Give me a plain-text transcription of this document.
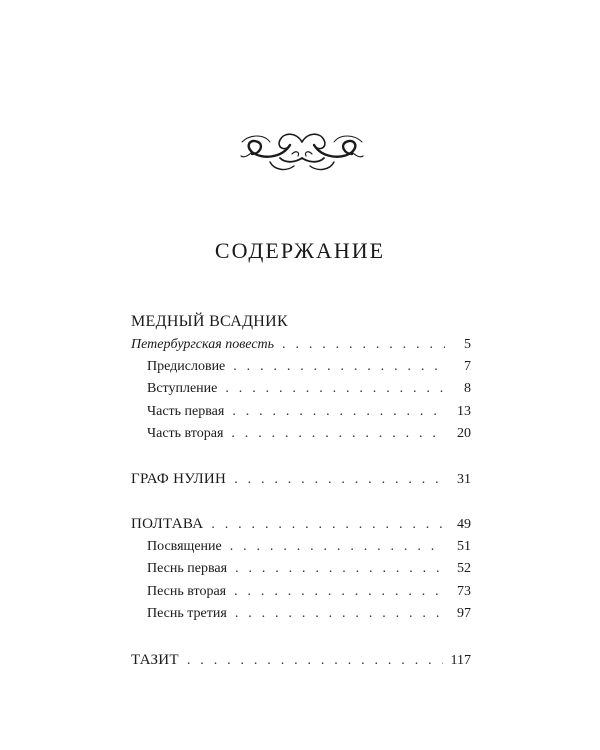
СОДЕРЖАНИЕ
МЕДНЫЙ ВСАДНИК
Петербургская повесть . . .	5
Предисловие . . .	7
Вступление . . .	8
Часть первая . . .	13
Часть вторая . . .	20
ГРАФ НУЛИН . . .	31
ПОЛТАВА . . .	49
Посвящение . . .	51
Песнь первая . . .	52
Песнь вторая . . .	73
Песнь третия . . .	97
ТАЗИТ . . .	117
